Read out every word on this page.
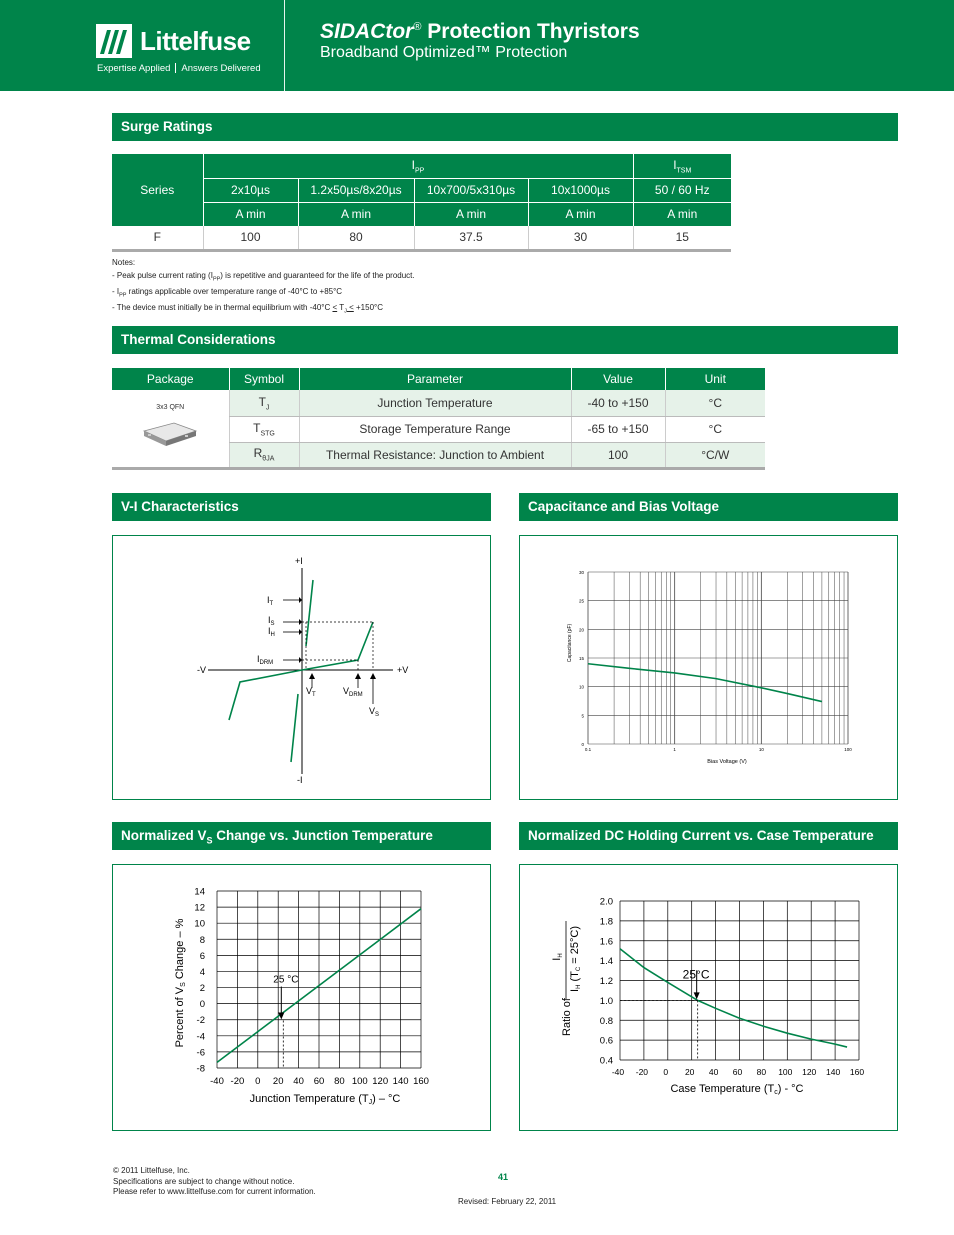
Littelfuse
Expertise Applied Answers Delivered
SIDACtor® Protection Thyristors
Broadband Optimized™ Protection
Surge Ratings
Series	$I_{PP}$				$I_{TSM}$
	2x10µs	1.2x50µs/8x20µs	10x700/5x310µs	10x1000µs	50 / 60 Hz
	A min	A min	A min	A min	A min
F	100	80	37.5	30	15
Notes:
- Peak pulse current rating $(I_{PP})$ is repetitive and guaranteed for the life of the product.
- $I_{PP}$ ratings applicable over temperature range of -40°C to +85°C
- The device must initially be in thermal equilibrium with $-40^\circ C < T_J < +150^\circ C$
Thermal Considerations
Package	Symbol	Parameter	Value	Unit

3x3 QFN	$T_J$	Junction Temperature	-40 to +150	°C
	$T_{STG}$	Storage Temperature Range	-65 to +150	°C
	$R_{\theta JA}$	Thermal Resistance: Junction to Ambient	100	°C/W
V-I Characteristics
+I
-I
-V	+V
$I_T$
$I_S$
$I_H$
$I_{DRM}$
$V_T$	$V_{DRM}$
$V_S$
Capacitance and Bias Voltage
0
5
10
15
20
25
30
0.1	1	10	100
Bias Voltage (V)
Capacitance (pF)
Normalized $V_S$ Change vs. Junction Temperature
-40 -20 0 20 40 60 80 100 120 140 160
-8
-6
-4
-2
0
2
4
6
8
10
12
14
25 °C
Junction Temperature (TJ) – °C
Percent of VS Change – %
Normalized DC Holding Current vs. Case Temperature
-40 -20 0 20 40 60 80 100 120 140 160
0.4
0.6
0.8
1.0
1.2
1.4
1.6
1.8
2.0
25°C
Case Temperature (Tc) - °C
Ratio of
IH
IH (TC = 25°C)
© 2011 Littelfuse, Inc.
Specifications are subject to change without notice.
Please refer to www.littelfuse.com for current information.
41
Revised: February 22, 2011
